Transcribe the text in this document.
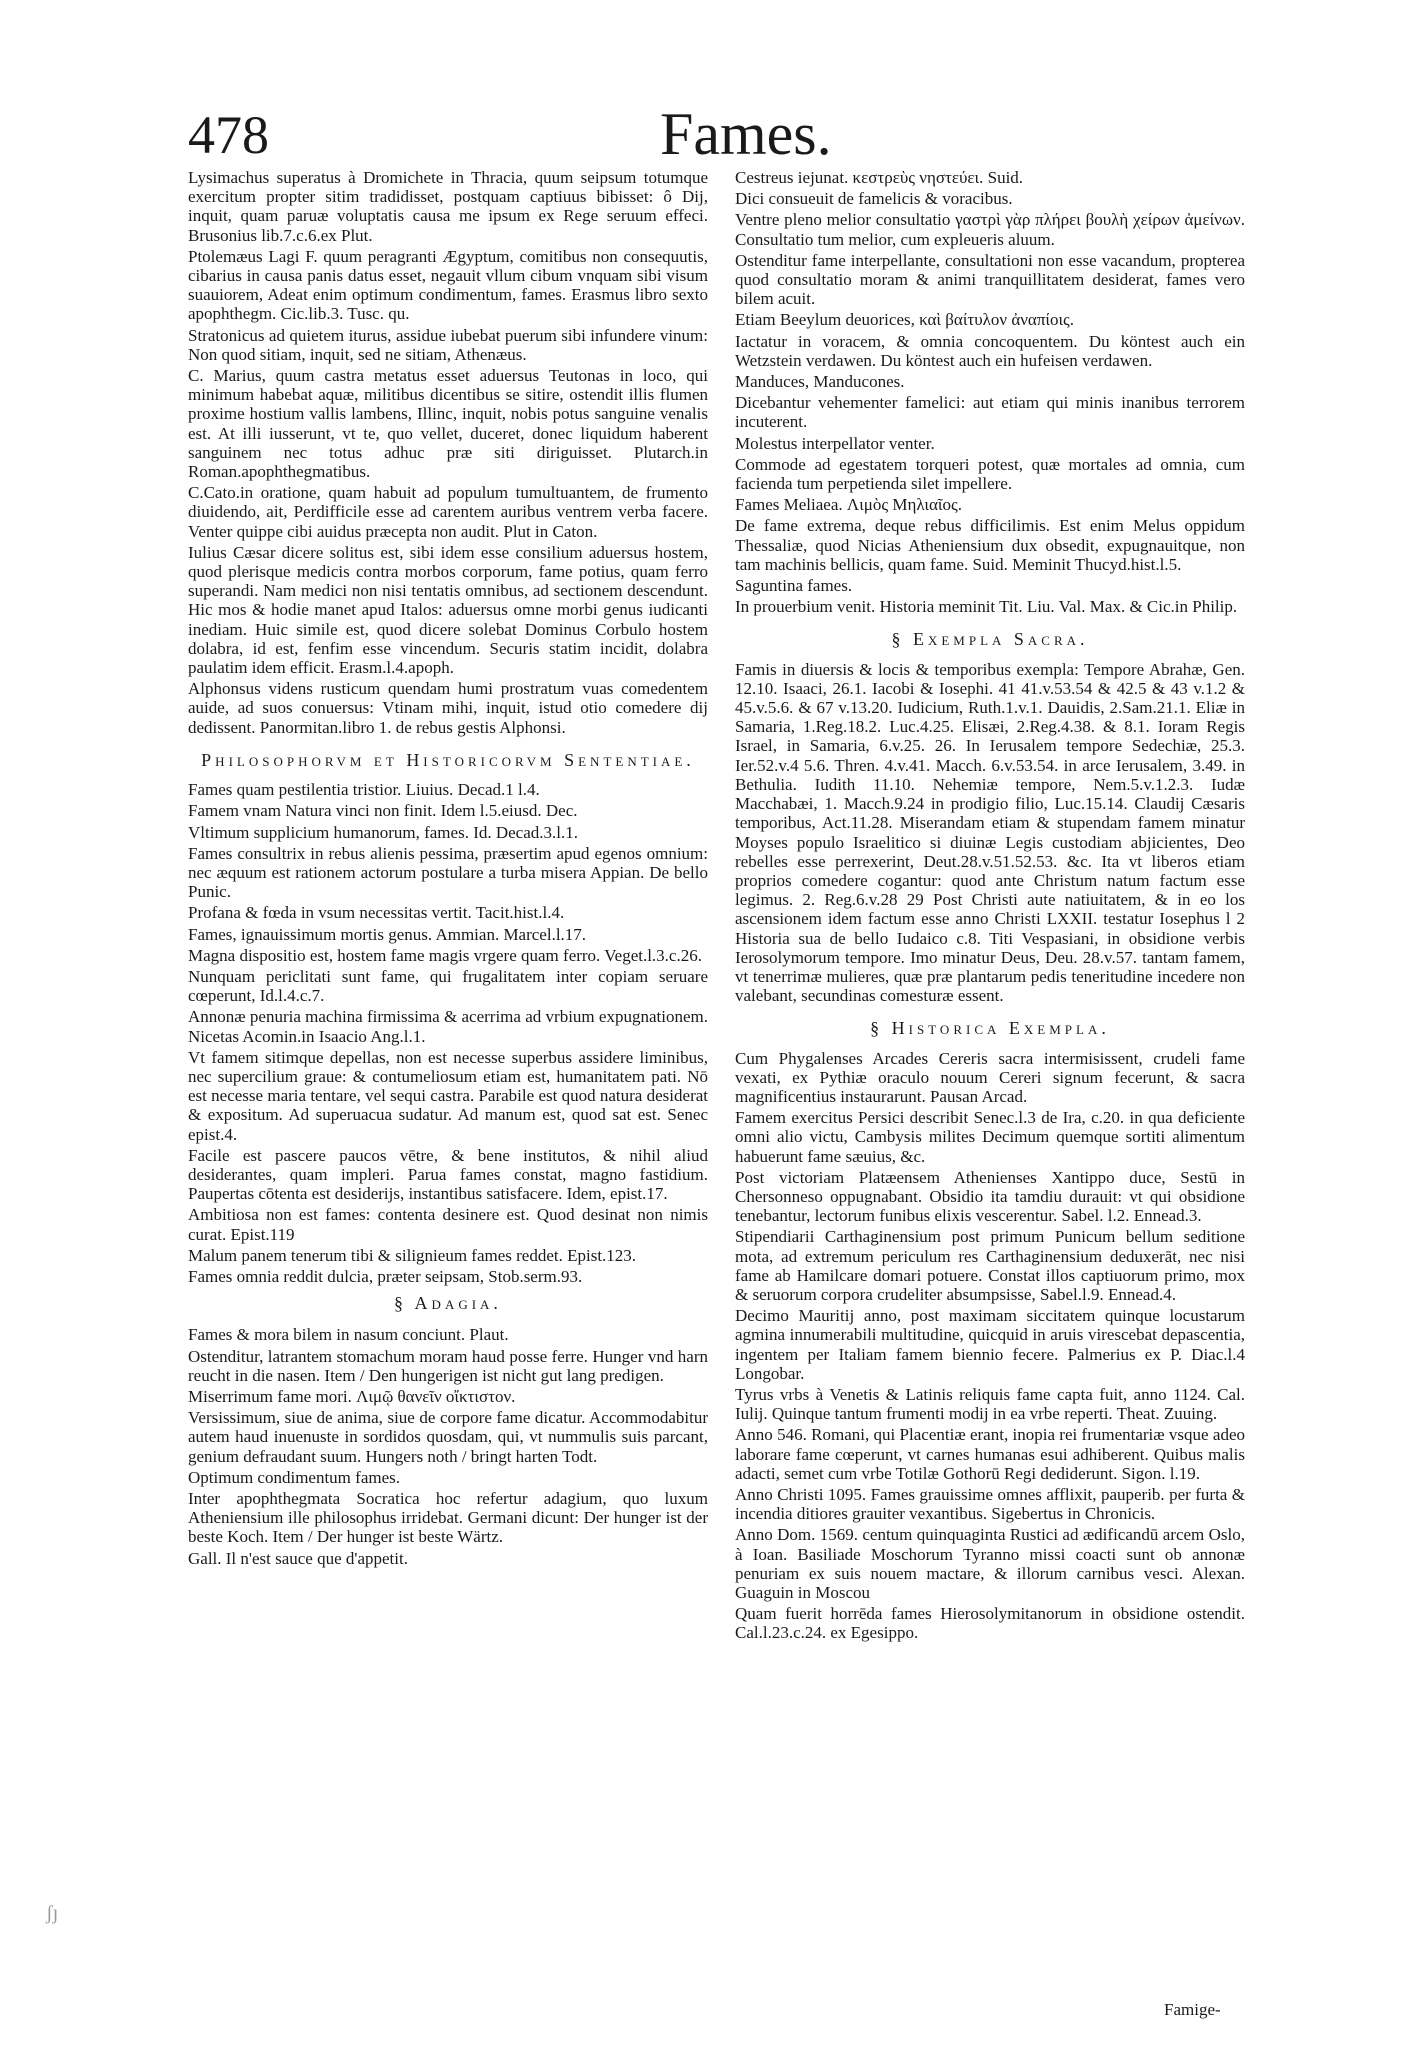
478	Fames.

Lysimachus superatus à Dromichete in Thracia, quum seipsum totumque exercitum propter sitim tradidisset, postquam captiuus bibisset: ô Dij, inquit, quam paruæ voluptatis causa me ipsum ex Rege seruum effeci. Brusonius lib.7.c.6.ex Plut.

Ptolemæus Lagi F. quum peragranti Ægyptum, comitibus non consequutis, cibarius in causa panis datus esset, negauit vllum cibum vnquam sibi visum suauiorem, Adeat enim optimum condimentum, fames. Erasmus libro sexto apophthegm. Cic.lib.3. Tusc. qu.

Stratonicus ad quietem iturus, assidue iubebat puerum sibi infundere vinum: Non quod sitiam, inquit, sed ne sitiam, Athenæus.

C. Marius, quum castra metatus esset aduersus Teutonas in loco, qui minimum habebat aquæ, militibus dicentibus se sitire, ostendit illis flumen proxime hostium vallis lambens, Illinc, inquit, nobis potus sanguine venalis est. At illi iusserunt, vt te, quo vellet, duceret, donec liquidum haberent sanguinem nec totus adhuc præ siti diriguisset. Plutarch.in Roman.apophthegmatibus.

C.Cato.in oratione, quam habuit ad populum tumultuantem, de frumento diuidendo, ait, Perdifficile esse ad carentem auribus ventrem verba facere. Venter quippe cibi auidus præcepta non audit. Plut in Caton.

Iulius Cæsar dicere solitus est, sibi idem esse consilium aduersus hostem, quod plerisque medicis contra morbos corporum, fame potius, quam ferro superandi. Nam medici non nisi tentatis omnibus, ad sectionem descendunt. Hic mos & hodie manet apud Italos: aduersus omne morbi genus iudicanti inediam. Huic simile est, quod dicere solebat Dominus Corbulo hostem dolabra, id est, fenfim esse vincendum. Securis statim incidit, dolabra paulatim idem efficit. Erasm.l.4.apoph.

Alphonsus videns rusticum quendam humi prostratum vuas comedentem auide, ad suos conuersus: Vtinam mihi, inquit, istud otio comedere dij dedissent. Panormitan.libro 1. de rebus gestis Alphonsi.

Philosophorvm et Historicorvm Sententiae.

Fames quam pestilentia tristior. Liuius. Decad.1 l.4.

Famem vnam Natura vinci non finit. Idem l.5.eiusd. Dec.

Vltimum supplicium humanorum, fames. Id. Decad.3.l.1.

Fames consultrix in rebus alienis pessima, præsertim apud egenos omnium: nec æquum est rationem actorum postulare a turba misera Appian. De bello Punic.

Profana & fœda in vsum necessitas vertit. Tacit.hist.l.4.

Fames, ignauissimum mortis genus. Ammian. Marcel.l.17.

Magna dispositio est, hostem fame magis vrgere quam ferro. Veget.l.3.c.26.

Nunquam periclitati sunt fame, qui frugalitatem inter copiam seruare cœperunt, Id.l.4.c.7.

Annonæ penuria machina firmissima & acerrima ad vrbium expugnationem. Nicetas Acomin.in Isaacio Ang.l.1.

Vt famem sitimque depellas, non est necesse superbus assidere liminibus, nec supercilium graue: & contumeliosum etiam est, humanitatem pati. Nō est necesse maria tentare, vel sequi castra. Parabile est quod natura desiderat & expositum. Ad superuacua sudatur. Ad manum est, quod sat est. Senec epist.4.

Facile est pascere paucos vētre, & bene institutos, & nihil aliud desiderantes, quam impleri. Parua fames constat, magno fastidium. Paupertas cōtenta est desiderijs, instantibus satisfacere. Idem, epist.17.

Ambitiosa non est fames: contenta desinere est. Quod desinat non nimis curat. Epist.119

Malum panem tenerum tibi & silignieum fames reddet. Epist.123.

Fames omnia reddit dulcia, præter seipsam, Stob.serm.93.

§ Adagia.

Fames & mora bilem in nasum conciunt. Plaut.

Ostenditur, latrantem stomachum moram haud posse ferre. Hunger vnd harn reucht in die nasen. Item / Den hungerigen ist nicht gut lang predigen.

Miserrimum fame mori. Λιμῷ θανεῖν οἴκτιστον.

Versissimum, siue de anima, siue de corpore fame dicatur. Accommodabitur autem haud inuenuste in sordidos quosdam, qui, vt nummulis suis parcant, genium defraudant suum. Hungers noth / bringt harten Todt.

Optimum condimentum fames.

Inter apophthegmata Socratica hoc refertur adagium, quo luxum Atheniensium ille philosophus irridebat. Germani dicunt: Der hunger ist der beste Koch. Item / Der hunger ist beste Wärtz.

Gall. Il n'est sauce que d'appetit.

Cestreus iejunat. κεστρεὺς νηστεύει. Suid.

Dici consueuit de famelicis & voracibus.

Ventre pleno melior consultatio γαστρὶ γὰρ πλήρει βουλὴ χείρων ἀμείνων. Consultatio tum melior, cum expleueris aluum.

Ostenditur fame interpellante, consultationi non esse vacandum, propterea quod consultatio moram & animi tranquillitatem desiderat, fames vero bilem acuit.

Etiam Beeylum deuorices, καὶ βαίτυλον ἀναπίοις.

Iactatur in voracem, & omnia concoquentem. Du köntest auch ein Wetzstein verdawen. Du köntest auch ein hufeisen verdawen.

Manduces, Manducones.

Dicebantur vehementer famelici: aut etiam qui minis inanibus terrorem incuterent.

Molestus interpellator venter.

Commode ad egestatem torqueri potest, quæ mortales ad omnia, cum facienda tum perpetienda silet impellere.

Fames Meliaea. Λιμὸς Μηλιαῖος.

De fame extrema, deque rebus difficilimis. Est enim Melus oppidum Thessaliæ, quod Nicias Atheniensium dux obsedit, expugnauitque, non tam machinis bellicis, quam fame. Suid. Meminit Thucyd.hist.l.5.

Saguntina fames.

In prouerbium venit. Historia meminit Tit. Liu. Val. Max. & Cic.in Philip.

§ Exempla Sacra.

Famis in diuersis & locis & temporibus exempla: Tempore Abrahæ, Gen. 12.10. Isaaci, 26.1. Iacobi & Iosephi. 41 41.v.53.54 & 42.5 & 43 v.1.2 & 45.v.5.6. & 67 v.13.20. Iudicium, Ruth.1.v.1. Dauidis, 2.Sam.21.1. Eliæ in Samaria, 1.Reg.18.2. Luc.4.25. Elisæi, 2.Reg.4.38. & 8.1. Ioram Regis Israel, in Samaria, 6.v.25. 26. In Ierusalem tempore Sedechiæ, 25.3. Ier.52.v.4 5.6. Thren. 4.v.41. Macch. 6.v.53.54. in arce Ierusalem, 3.49. in Bethulia. Iudith 11.10. Nehemiæ tempore, Nem.5.v.1.2.3. Iudæ Macchabæi, 1. Macch.9.24 in prodigio filio, Luc.15.14. Claudij Cæsaris temporibus, Act.11.28. Miserandam etiam & stupendam famem minatur Moyses populo Israelitico si diuinæ Legis custodiam abjicientes, Deo rebelles esse perrexerint, Deut.28.v.51.52.53. &c. Ita vt liberos etiam proprios comedere cogantur: quod ante Christum natum factum esse legimus. 2. Reg.6.v.28 29 Post Christi aute natiuitatem, & in eo los ascensionem idem factum esse anno Christi LXXII. testatur Iosephus l 2 Historia sua de bello Iudaico c.8. Titi Vespasiani, in obsidione verbis Ierosolymorum tempore. Imo minatur Deus, Deu. 28.v.57. tantam famem, vt tenerrimæ mulieres, quæ præ plantarum pedis teneritudine incedere non valebant, secundinas comesturæ essent.

§ Historica Exempla.

Cum Phygalenses Arcades Cereris sacra intermisissent, crudeli fame vexati, ex Pythiæ oraculo nouum Cereri signum fecerunt, & sacra magnificentius instaurarunt. Pausan Arcad.

Famem exercitus Persici describit Senec.l.3 de Ira, c.20. in qua deficiente omni alio victu, Cambysis milites Decimum quemque sortiti alimentum habuerunt fame sæuius, &c.

Post victoriam Platæensem Athenienses Xantippo duce, Sestū in Chersonneso oppugnabant. Obsidio ita tamdiu durauit: vt qui obsidione tenebantur, lectorum funibus elixis vescerentur. Sabel. l.2. Ennead.3.

Stipendiarii Carthaginensium post primum Punicum bellum seditione mota, ad extremum periculum res Carthaginensium deduxerāt, nec nisi fame ab Hamilcare domari potuere. Constat illos captiuorum primo, mox & seruorum corpora crudeliter absumpsisse, Sabel.l.9. Ennead.4.

Decimo Mauritij anno, post maximam siccitatem quinque locustarum agmina innumerabili multitudine, quicquid in aruis virescebat depascentia, ingentem per Italiam famem biennio fecere. Palmerius ex P. Diac.l.4 Longobar.

Tyrus vrbs à Venetis & Latinis reliquis fame capta fuit, anno 1124. Cal. Iulij. Quinque tantum frumenti modij in ea vrbe reperti. Theat. Zuuing.

Anno 546. Romani, qui Placentiæ erant, inopia rei frumentariæ vsque adeo laborare fame cœperunt, vt carnes humanas esui adhiberent. Quibus malis adacti, semet cum vrbe Totilæ Gothorū Regi dediderunt. Sigon. l.19.

Anno Christi 1095. Fames grauissime omnes afflixit, pauperib. per furta & incendia ditiores grauiter vexantibus. Sigebertus in Chronicis.

Anno Dom. 1569. centum quinquaginta Rustici ad ædificandū arcem Oslo, à Ioan. Basiliade Moschorum Tyranno missi coacti sunt ob annonæ penuriam ex suis nouem mactare, & illorum carnibus vesci. Alexan. Guaguin in Moscou

Quam fuerit horrēda fames Hierosolymitanorum in obsidione ostendit. Cal.l.23.c.24. ex Egesippo.

Famige-
ʃȷ
